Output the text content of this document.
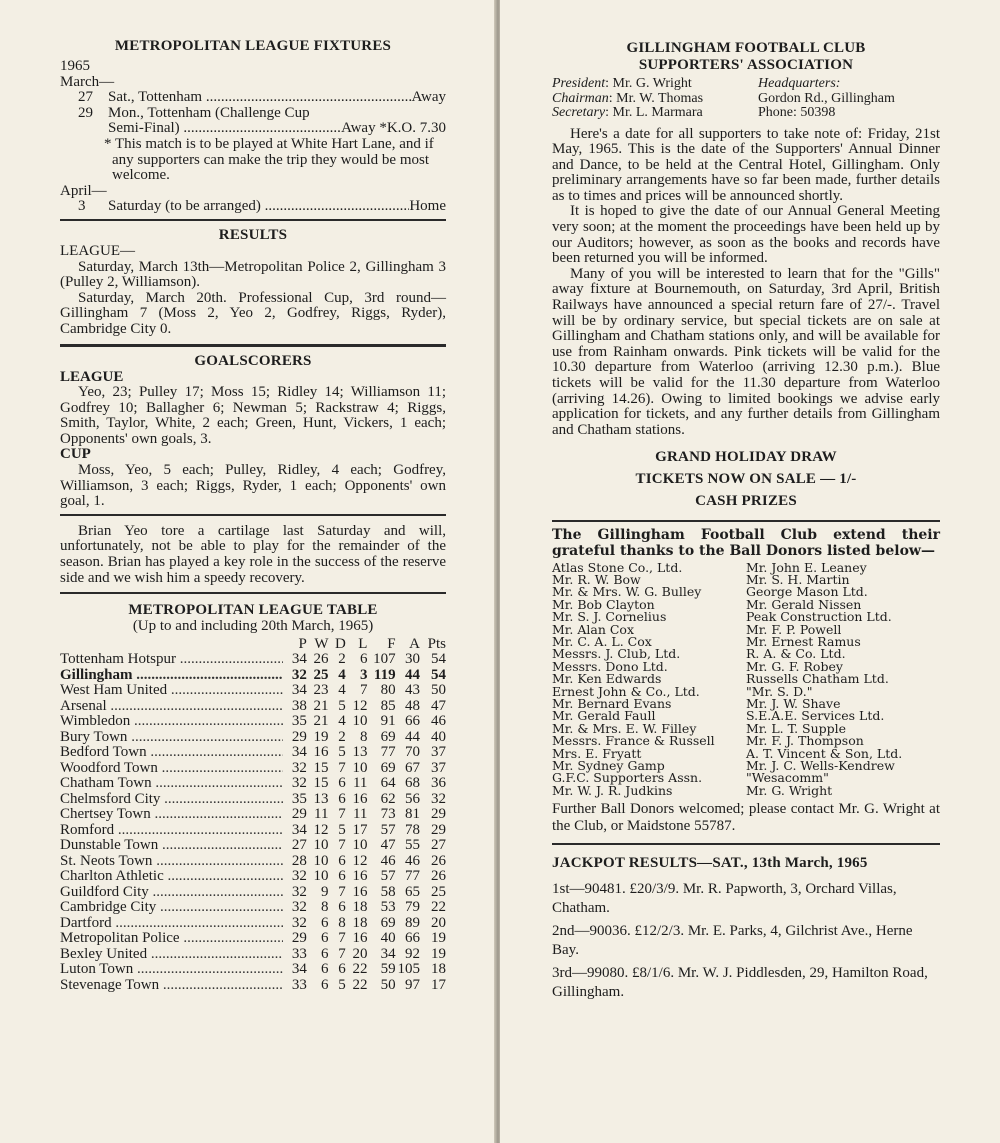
METROPOLITAN LEAGUE FIXTURES
1965
March—
27	Sat., Tottenham .....	Away
29	Mon., Tottenham (Challenge Cup
Semi-Final) .....	Away *K.O. 7.30
* This match is to be played at White Hart Lane, and if any supporters can make the trip they would be most welcome.
April—
3	Saturday (to be arranged) .....	Home
RESULTS
LEAGUE—
Saturday, March 13th—Metropolitan Police 2, Gillingham 3 (Pulley 2, Williamson).
Saturday, March 20th. Professional Cup, 3rd round—Gillingham 7 (Moss 2, Yeo 2, Godfrey, Riggs, Ryder), Cambridge City 0.
GOALSCORERS
LEAGUE
Yeo, 23; Pulley 17; Moss 15; Ridley 14; Williamson 11; Godfrey 10; Ballagher 6; Newman 5; Rackstraw 4; Riggs, Smith, Taylor, White, 2 each; Green, Hunt, Vickers, 1 each; Opponents' own goals, 3.
CUP
Moss, Yeo, 5 each; Pulley, Ridley, 4 each; Godfrey, Williamson, 3 each; Riggs, Ryder, 1 each; Opponents' own goal, 1.
Brian Yeo tore a cartilage last Saturday and will, unfortunately, not be able to play for the remainder of the season. Brian has played a key role in the success of the reserve side and we wish him a speedy recovery.
METROPOLITAN LEAGUE TABLE
(Up to and including 20th March, 1965)
	P	W	D	L	F	A	Pts
Tottenham Hotspur .....	34	26	2	6	107	30	54
Gillingham .....	32	25	4	3	119	44	54
West Ham United .....	34	23	4	7	80	43	50
Arsenal .....	38	21	5	12	85	48	47
Wimbledon .....	35	21	4	10	91	66	46
Bury Town .....	29	19	2	8	69	44	40
Bedford Town .....	34	16	5	13	77	70	37
Woodford Town .....	32	15	7	10	69	67	37
Chatham Town .....	32	15	6	11	64	68	36
Chelmsford City .....	35	13	6	16	62	56	32
Chertsey Town .....	29	11	7	11	73	81	29
Romford .....	34	12	5	17	57	78	29
Dunstable Town .....	27	10	7	10	47	55	27
St. Neots Town .....	28	10	6	12	46	46	26
Charlton Athletic .....	32	10	6	16	57	77	26
Guildford City .....	32	9	7	16	58	65	25
Cambridge City .....	32	8	6	18	53	79	22
Dartford .....	32	6	8	18	69	89	20
Metropolitan Police .....	29	6	7	16	40	66	19
Bexley United .....	33	6	7	20	34	92	19
Luton Town .....	34	6	6	22	59	105	18
Stevenage Town .....	33	6	5	22	50	97	17
GILLINGHAM FOOTBALL CLUB
SUPPORTERS' ASSOCIATION
President: Mr. G. Wright
Chairman: Mr. W. Thomas
Secretary: Mr. L. Marmara
Headquarters:
Gordon Rd., Gillingham
Phone: 50398
Here's a date for all supporters to take note of: Friday, 21st May, 1965. This is the date of the Supporters' Annual Dinner and Dance, to be held at the Central Hotel, Gillingham. Only preliminary arrangements have so far been made, further details as to times and prices will be announced shortly.
It is hoped to give the date of our Annual General Meeting very soon; at the moment the proceedings have been held up by our Auditors; however, as soon as the books and records have been returned you will be informed.
Many of you will be interested to learn that for the "Gills" away fixture at Bournemouth, on Saturday, 3rd April, British Railways have announced a special return fare of 27/-. Travel will be by ordinary service, but special tickets are on sale at Gillingham and Chatham stations only, and will be available for use from Rainham onwards. Pink tickets will be valid for the 10.30 departure from Waterloo (arriving 12.30 p.m.). Blue tickets will be valid for the 11.30 departure from Waterloo (arriving 14.26). Owing to limited bookings we advise early application for tickets, and any further details from Gillingham and Chatham stations.
GRAND HOLIDAY DRAW
TICKETS NOW ON SALE — 1/-
CASH PRIZES
The Gillingham Football Club extend their grateful thanks to the Ball Donors listed below—
Atlas Stone Co., Ltd.
Mr. R. W. Bow
Mr. & Mrs. W. G. Bulley
Mr. Bob Clayton
Mr. S. J. Cornelius
Mr. Alan Cox
Mr. C. A. L. Cox
Messrs. J. Club, Ltd.
Messrs. Dono Ltd.
Mr. Ken Edwards
Ernest John & Co., Ltd.
Mr. Bernard Evans
Mr. Gerald Faull
Mr. & Mrs. E. W. Filley
Messrs. France & Russell
Mrs. E. Fryatt
Mr. Sydney Gamp
G.F.C. Supporters Assn.
Mr. W. J. R. Judkins
Mr. John E. Leaney
Mr. S. H. Martin
George Mason Ltd.
Mr. Gerald Nissen
Peak Construction Ltd.
Mr. F. P. Powell
Mr. Ernest Ramus
R. A. & Co. Ltd.
Mr. G. F. Robey
Russells Chatham Ltd.
"Mr. S. D."
Mr. J. W. Shave
S.E.A.E. Services Ltd.
Mr. L. T. Supple
Mr. F. J. Thompson
A. T. Vincent & Son, Ltd.
Mr. J. C. Wells-Kendrew
"Wesacomm"
Mr. G. Wright
Further Ball Donors welcomed; please contact Mr. G. Wright at the Club, or Maidstone 55787.
JACKPOT RESULTS—SAT., 13th March, 1965
1st—90481. £20/3/9. Mr. R. Papworth, 3, Orchard Villas, Chatham.
2nd—90036. £12/2/3. Mr. E. Parks, 4, Gilchrist Ave., Herne Bay.
3rd—99080. £8/1/6. Mr. W. J. Piddlesden, 29, Hamilton Road, Gillingham.
